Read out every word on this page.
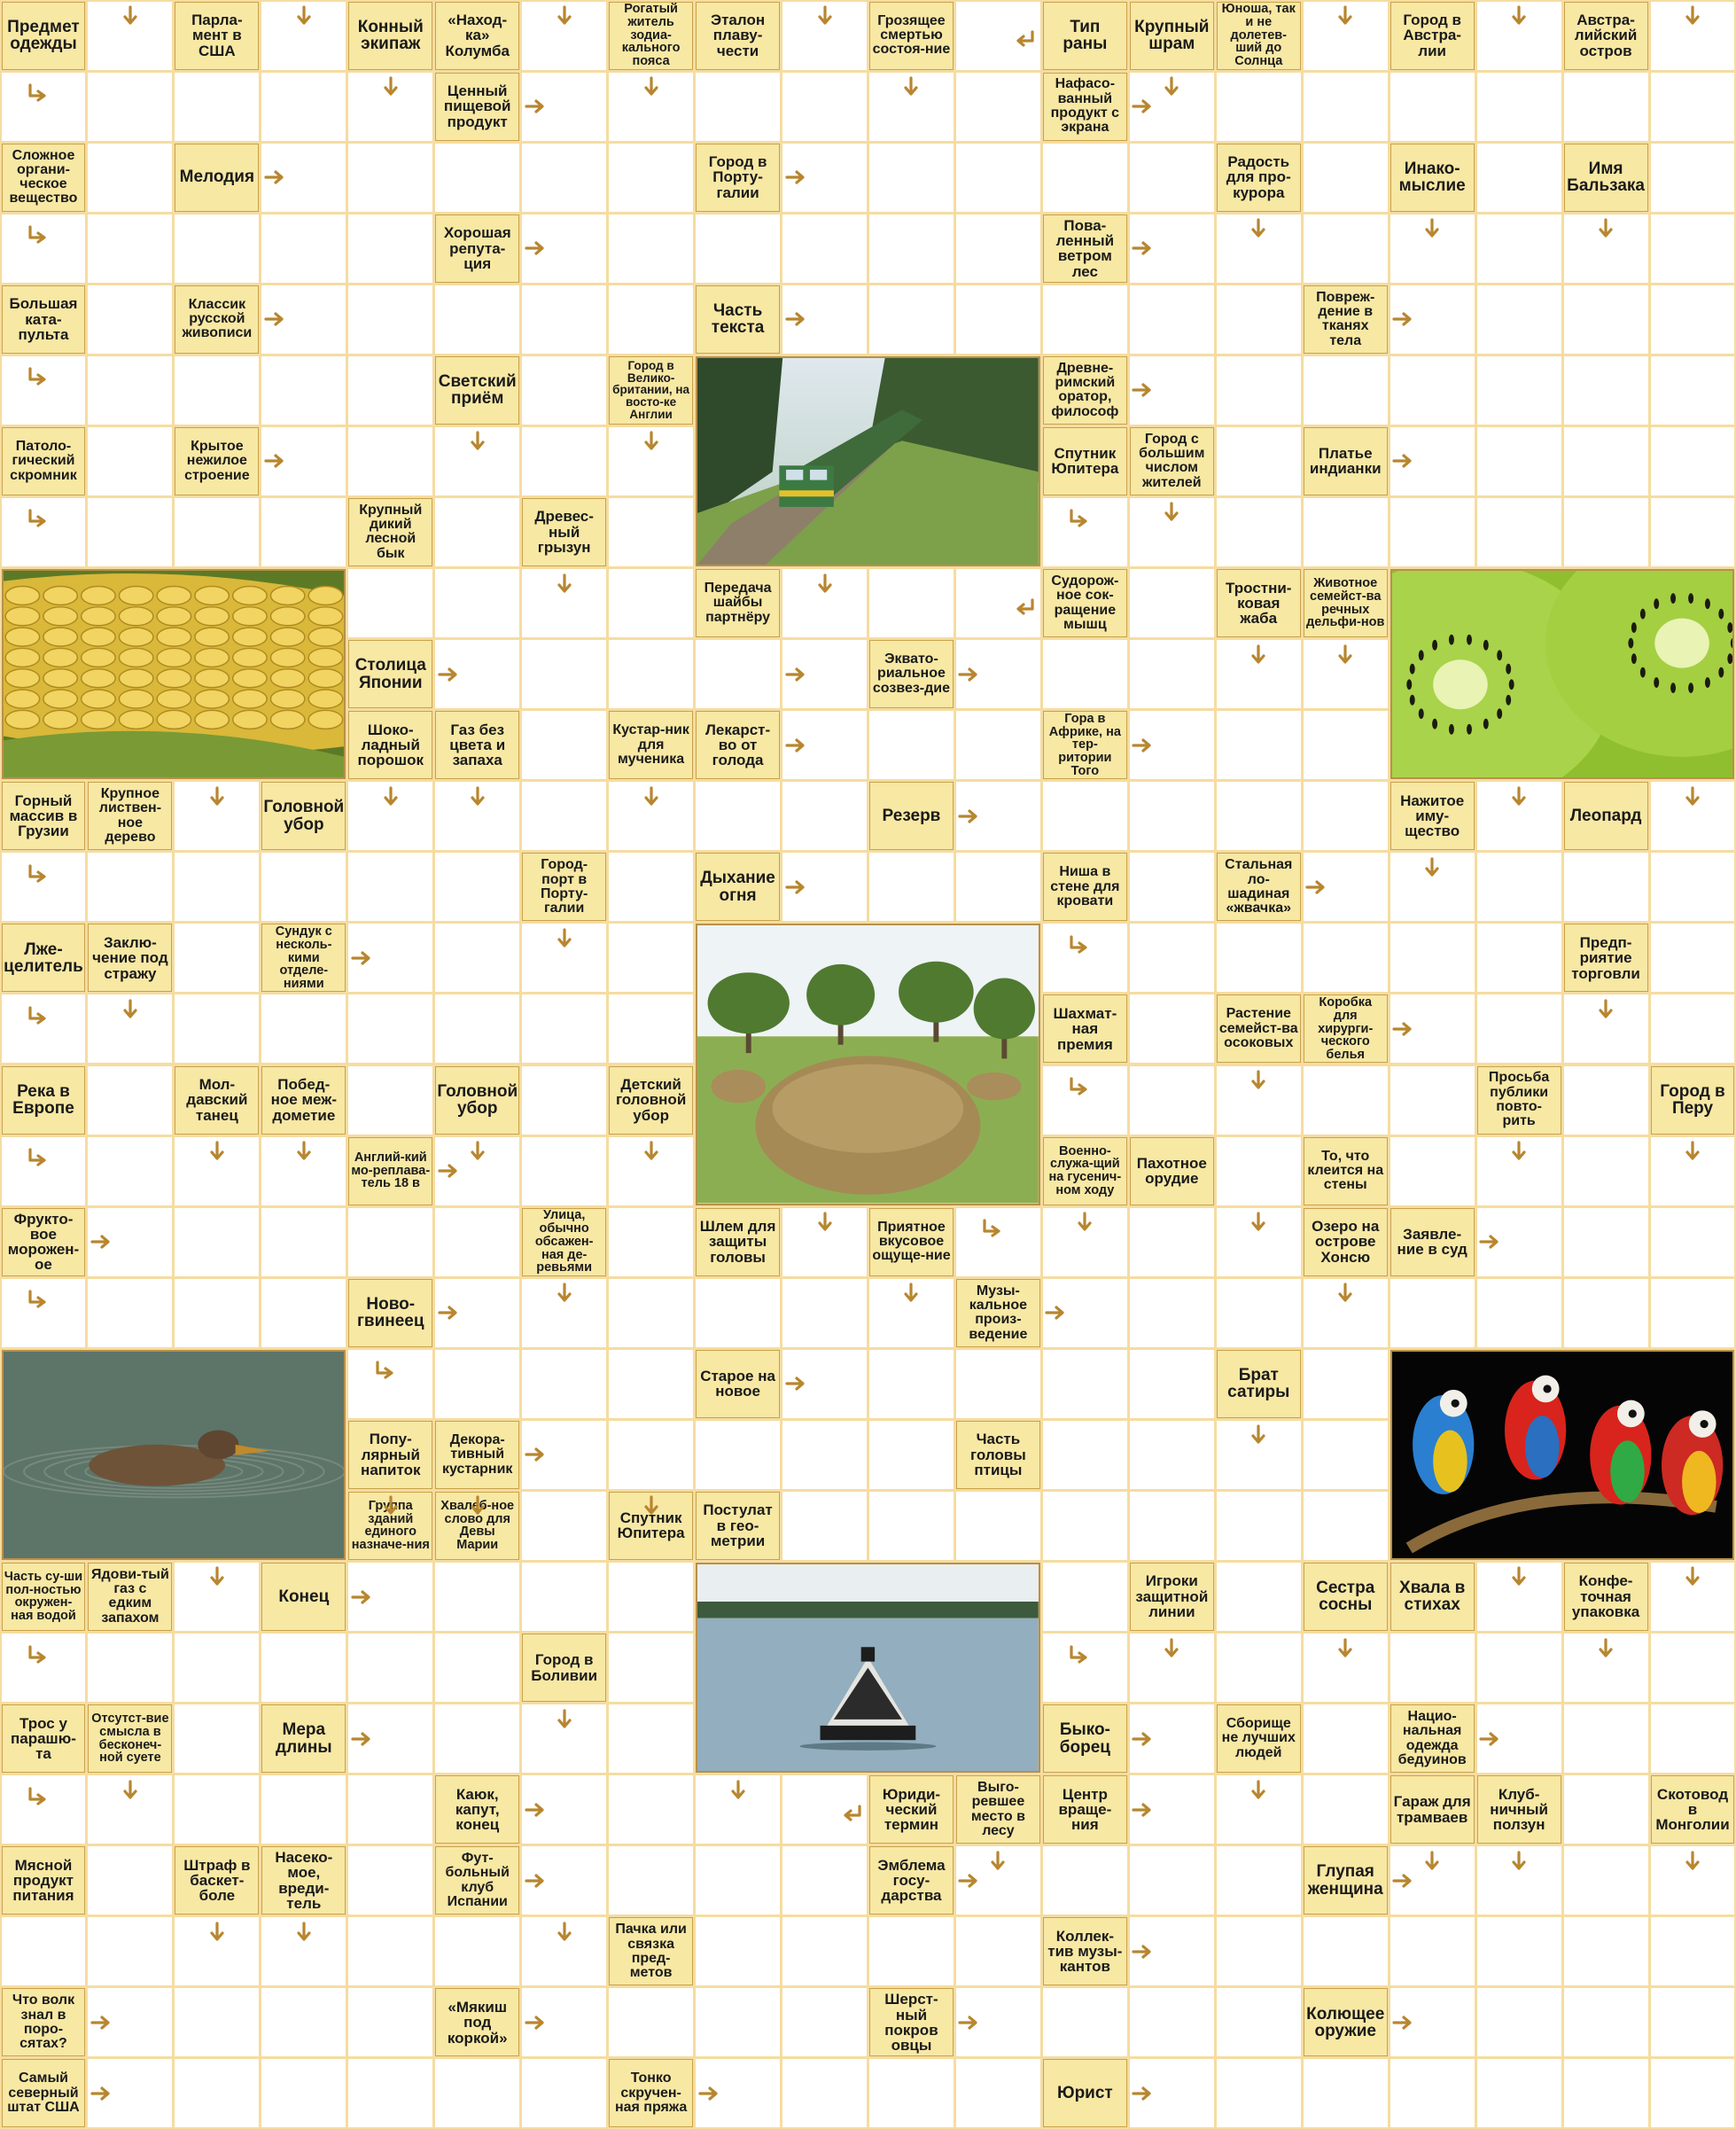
Предмет одежды
Парла-мент в США
Конный экипаж
«Наход-ка» Колумба
Рогатый житель зодиа-кального пояса
Эталон плаву-чести
Грозящее смертью состоя-ние
Тип раны
Крупный шрам
Юноша, так и не долетев-ший до Солнца
Город в Австра-лии
Австра-лийский остров
Ценный пищевой продукт
Нафасо-ванный продукт с экрана
Сложное органи-ческое вещество
Мелодия
Город в Порту-галии
Радость для про-курора
Инако-мыслие
Имя Бальзака
Хорошая репута-ция
Пова-ленный ветром лес
Большая ката-пульта
Классик русской живописи
Часть текста
Повреж-дение в тканях тела
Светский приём
Город в Велико-британии, на восто-ке Англии
Древне-римский оратор, философ
Патоло-гический скромник
Крытое нежилое строение
Спутник Юпитера
Город с большим числом жителей
Платье индианки
Крупный дикий лесной бык
Древес-ный грызун
Передача шайбы партнёру
Судорож-ное сок-ращение мышц
Тростни-ковая жаба
Животное семейст-ва речных дельфи-нов
Столица Японии
Эквато-риальное созвез-дие
Шоко-ладный порошок
Газ без цвета и запаха
Кустар-ник для мученика
Лекарст-во от голода
Гора в Африке, на тер-ритории Того
Горный массив в Грузии
Крупное листвен-ное дерево
Головной убор	Резерв
Нажитое иму-щество
Леопард
Город-порт в Порту-галии
Дыхание огня
Ниша в стене для кровати
Стальная ло-шадиная «жвачка»
Лже-целитель
Заклю-чение под стражу
Сундук с несколь-кими отделе-ниями
Предп-риятие торговли
Шахмат-ная премия
Растение семейст-ва осоковых
Коробка для хирурги-ческого белья
Река в Европе
Мол-давский танец
Побед-ное меж-дометие
Головной убор
Детский головной убор
Просьба публики повто-рить
Город в Перу
Англий-кий мо-реплава-тель 18 в
Военно-служа-щий на гусенич-ном ходу
Пахотное орудие
То, что клеится на стены
Фрукто-вое морожен-ое
Улица, обычно обсажен-ная де-ревьями
Шлем для защиты головы
Приятное вкусовое ощуще-ние
Озеро на острове Хонсю
Заявле-ние в суд
Ново-гвинеец
Музы-кальное произ-ведение
Старое на новое
Брат сатиры
Попу-лярный напиток
Декора-тивный кустарник
Часть головы птицы
Группа зданий единого назначе-ния
Хвалеб-ное слово для Девы Марии
Спутник Юпитера
Постулат в гео-метрии
Часть су-ши пол-ностью окружен-ная водой
Ядови-тый газ с едким запахом
Конец
Игроки защитной линии
Сестра сосны
Хвала в стихах
Конфе-точная упаковка
Город в Боливии
Трос у парашю-та
Отсутст-вие смысла в бесконеч-ной суете
Мера длины
Быко-борец
Сборище не лучших людей
Нацио-нальная одежда бедуинов
Каюк, капут, конец
Юриди-ческий термин
Выго-ревшее место в лесу
Центр враще-ния
Гараж для трамваев
Клуб-ничный ползун
Скотовод в Монголии
Мясной продукт питания
Штраф в баскет-боле
Насеко-мое, вреди-тель
Фут-больный клуб Испании
Эмблема госу-дарства
Глупая женщина
Пачка или связка пред-метов
Коллек-тив музы-кантов
Что волк знал в поро-сятах?
«Мякиш под коркой»
Шерст-ный покров овцы
Колющее оружие
Самый северный штат США
Тонко скручен-ная пряжа
Юрист
